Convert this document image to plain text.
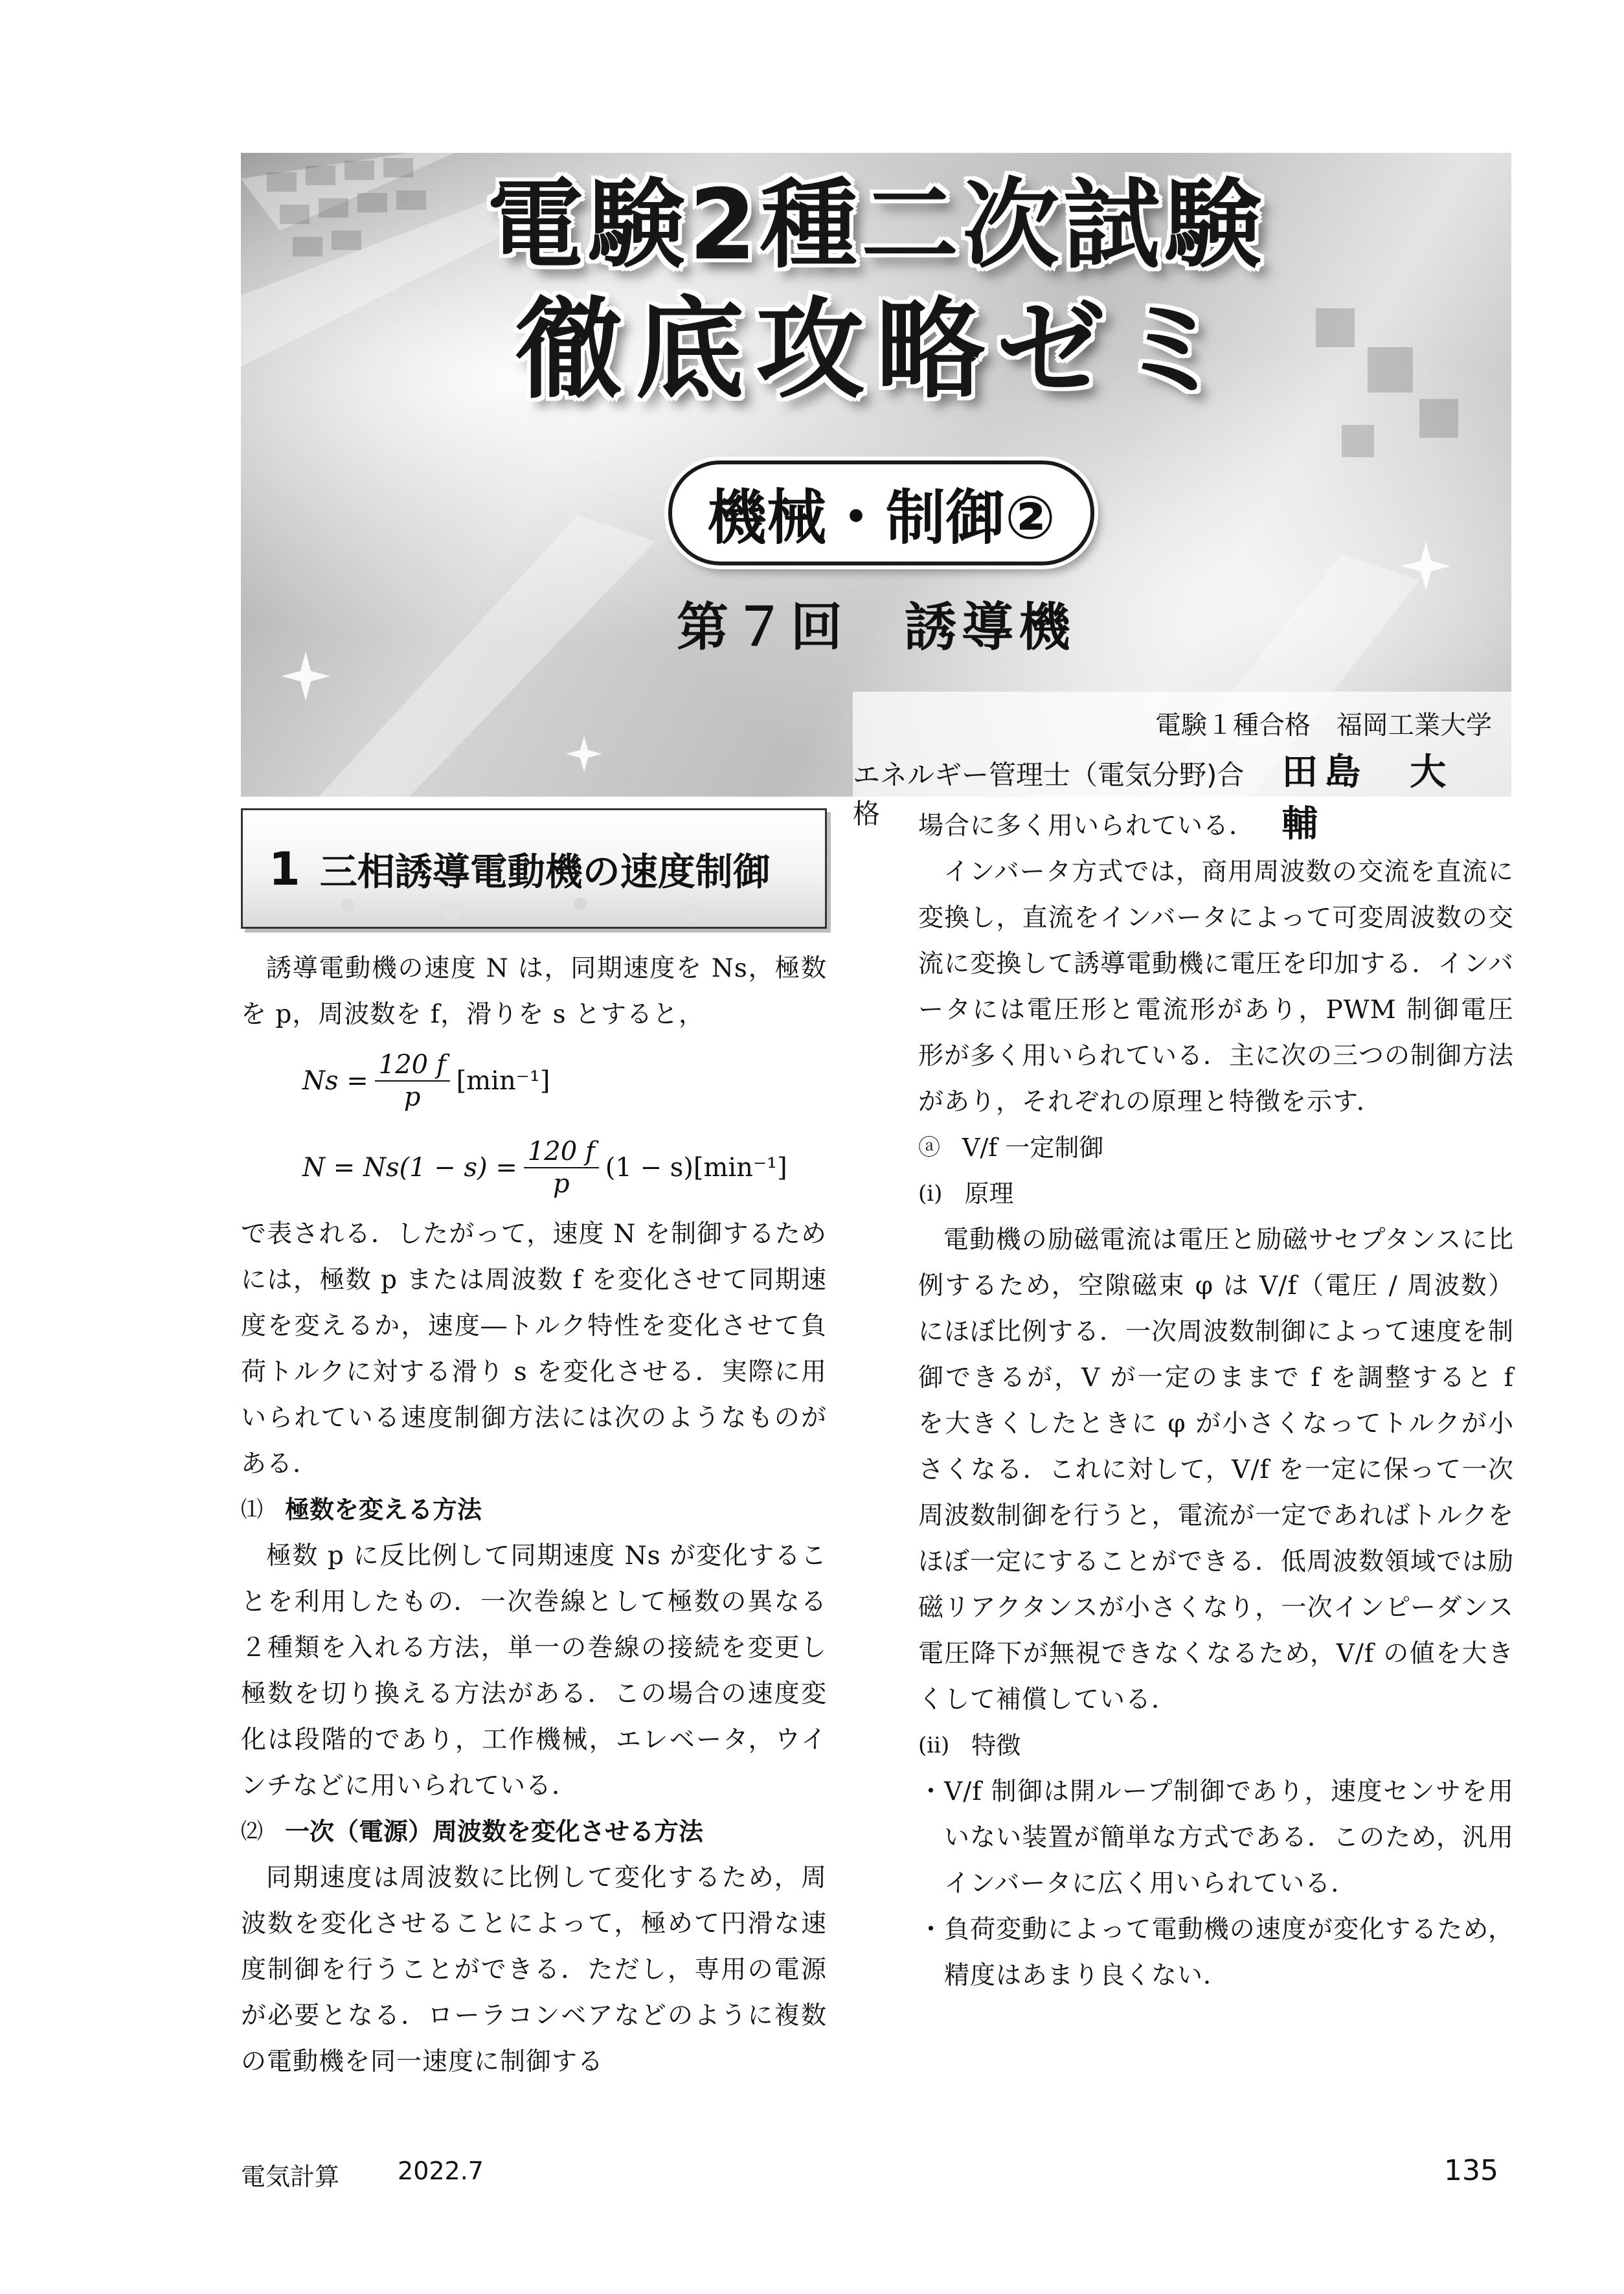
電験2種二次試験
徹底攻略ゼミ
機械・制御②
第７回　誘導機
電験１種合格　福岡工業大学
エネルギー管理士（電気分野)合格
田島　大輔
1 三相誘導電動機の速度制御

誘導電動機の速度 N は，同期速度を Ns，極数を p，周波数を f，滑りを s とすると，

$Ns = \frac{120 f}{p} [\min^{-1}]$
$N = Ns(1 - s) = \frac{120 f}{p} (1 - s)[\min^{-1}]$

で表される．したがって，速度 N を制御するためには，極数 p または周波数 f を変化させて同期速度を変えるか，速度―トルク特性を変化させて負荷トルクに対する滑り s を変化させる．実際に用いられている速度制御方法には次のようなものがある．

⑴ 極数を変える方法

極数 p に反比例して同期速度 Ns が変化することを利用したもの．一次巻線として極数の異なる２種類を入れる方法，単一の巻線の接続を変更し極数を切り換える方法がある．この場合の速度変化は段階的であり，工作機械，エレベータ，ウインチなどに用いられている．

⑵ 一次（電源）周波数を変化させる方法

同期速度は周波数に比例して変化するため，周波数を変化させることによって，極めて円滑な速度制御を行うことができる．ただし，専用の電源が必要となる．ローラコンベアなどのように複数の電動機を同一速度に制御する

場合に多く用いられている．

インバータ方式では，商用周波数の交流を直流に変換し，直流をインバータによって可変周波数の交流に変換して誘導電動機に電圧を印加する．インバータには電圧形と電流形があり，PWM 制御電圧形が多く用いられている．主に次の三つの制御方法があり，それぞれの原理と特徴を示す．

ⓐ V/f 一定制御
(i) 原理

電動機の励磁電流は電圧と励磁サセプタンスに比例するため，空隙磁束 φ は V/f（電圧 / 周波数）にほぼ比例する．一次周波数制御によって速度を制御できるが，V が一定のままで f を調整すると f を大きくしたときに φ が小さくなってトルクが小さくなる．これに対して，V/f を一定に保って一次周波数制御を行うと，電流が一定であればトルクをほぼ一定にすることができる．低周波数領域では励磁リアクタンスが小さくなり，一次インピーダンス電圧降下が無視できなくなるため，V/f の値を大きくして補償している．

(ii) 特徴
・ V/f 制御は開ループ制御であり，速度センサを用いない装置が簡単な方式である．このため，汎用インバータに広く用いられている．

・ 負荷変動によって電動機の速度が変化するため，精度はあまり良くない．

電気計算 2022.7	135
